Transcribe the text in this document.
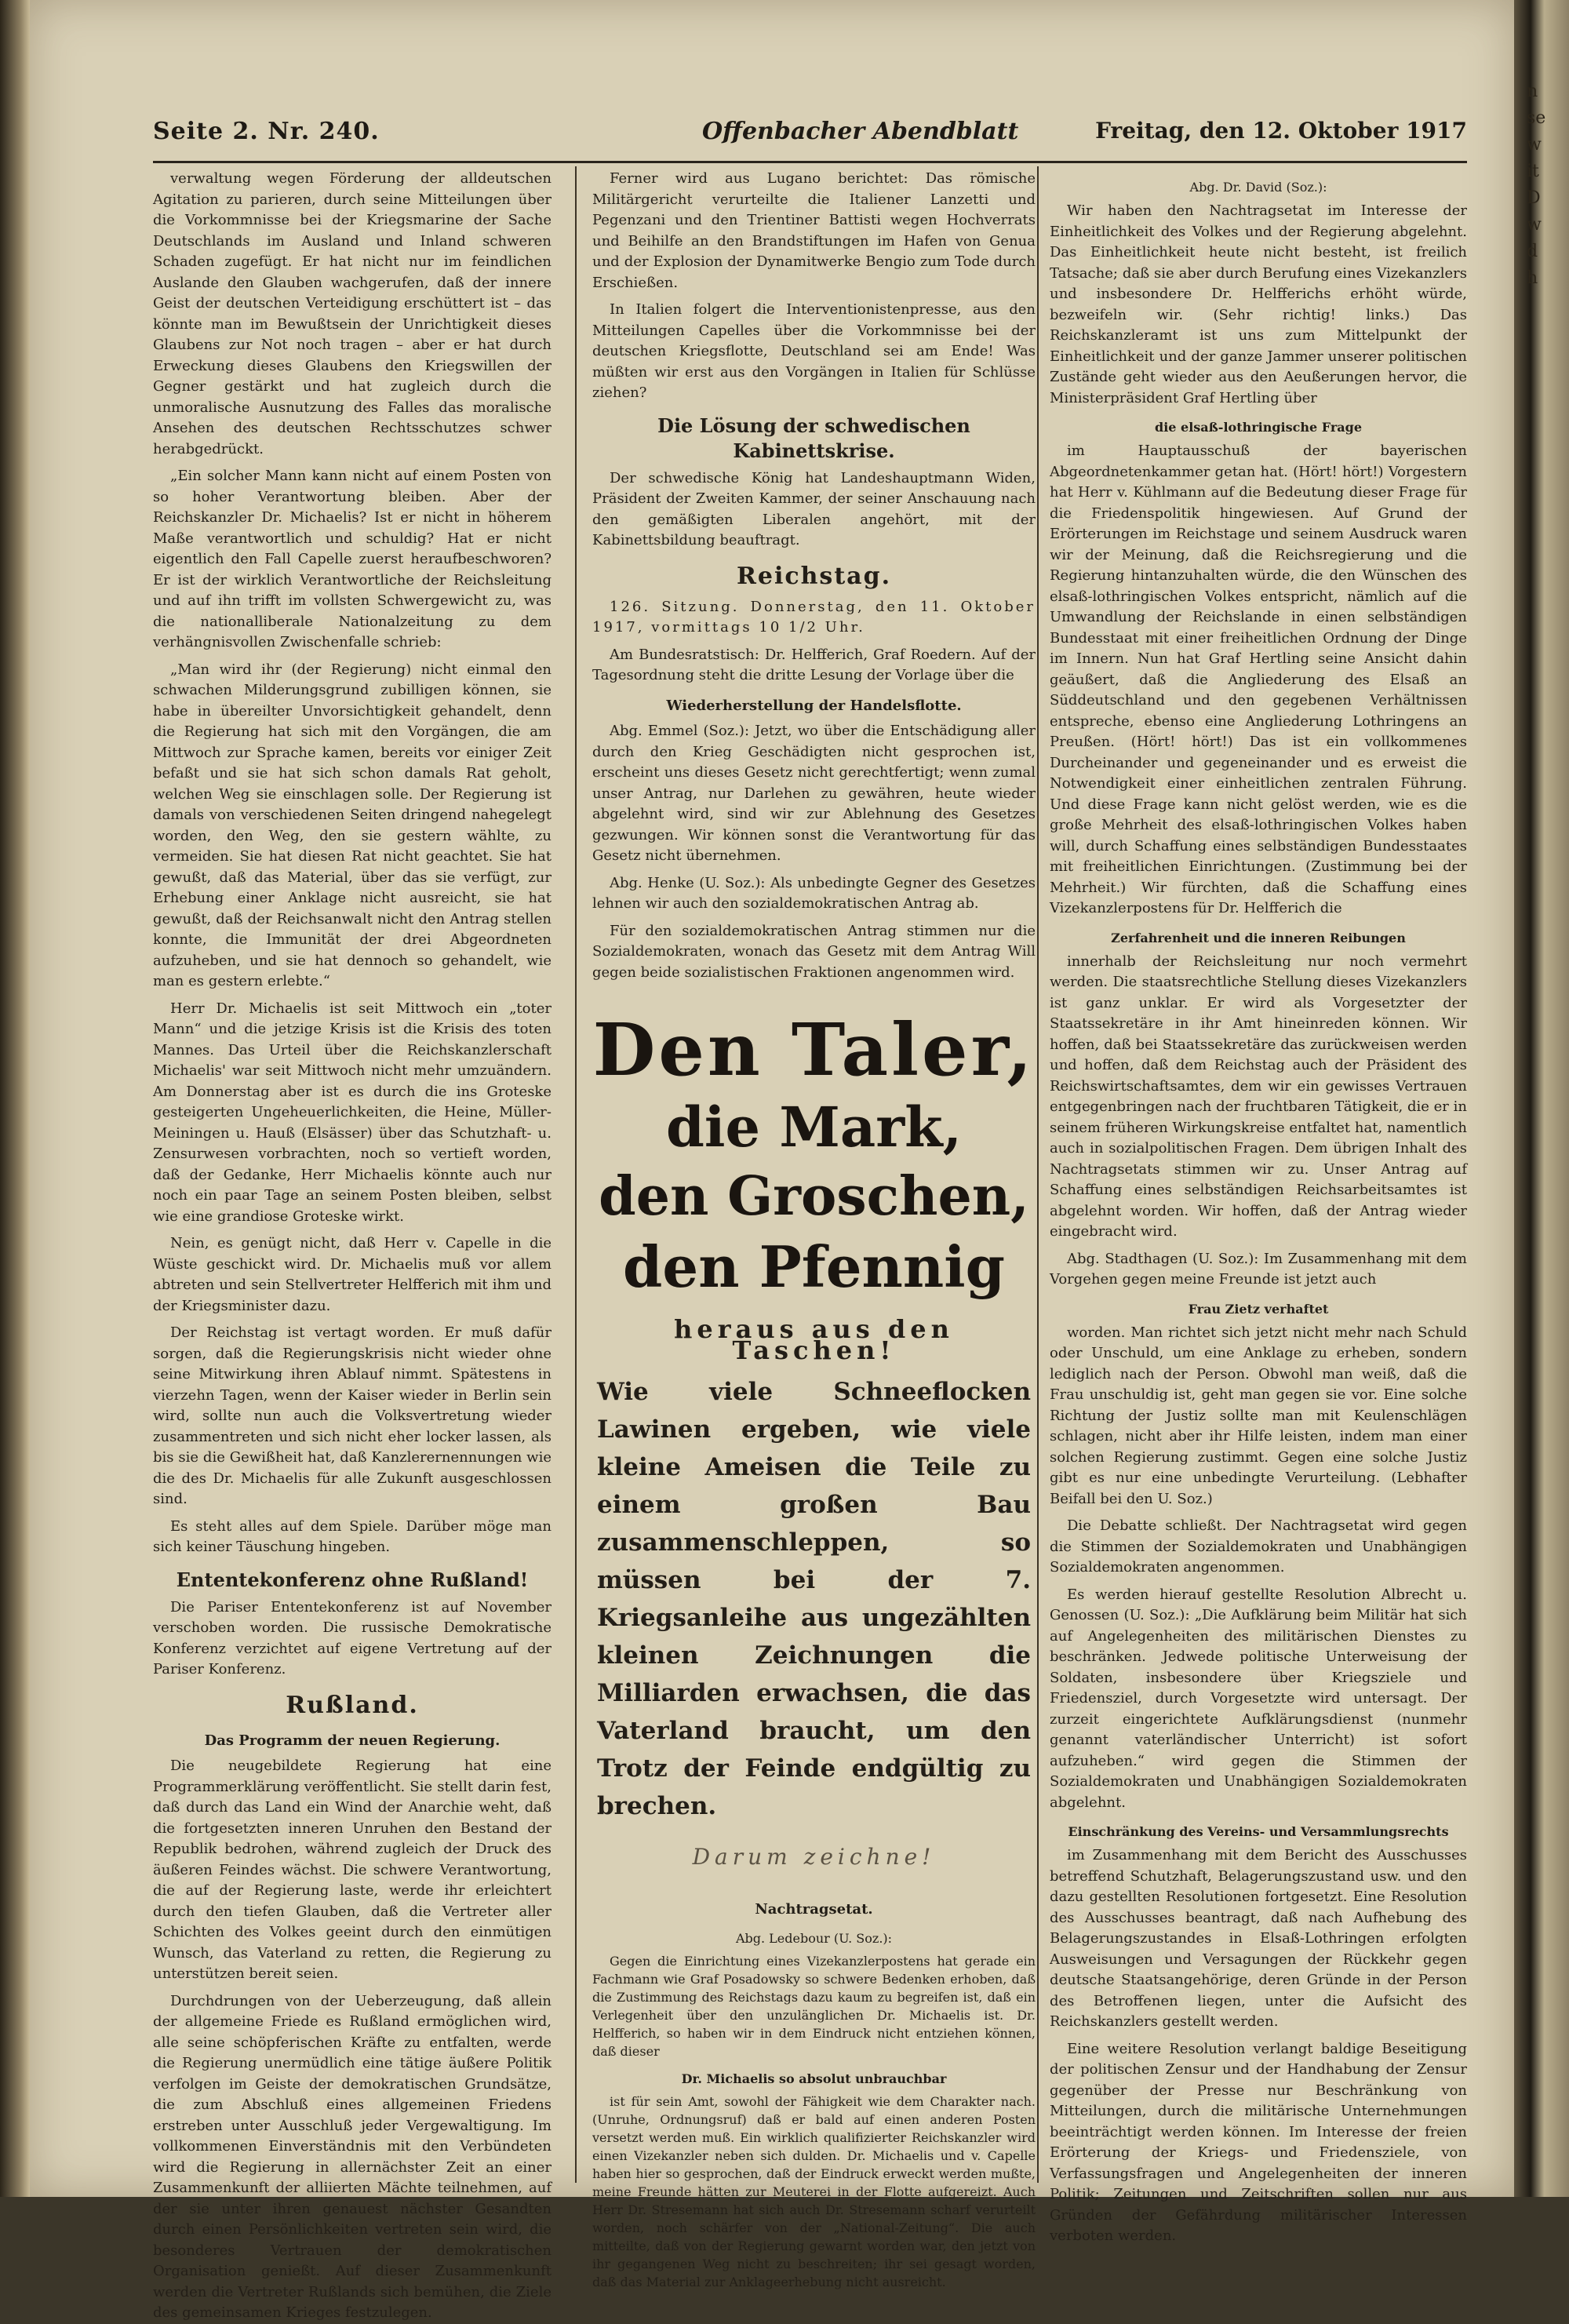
Seite 2. Nr. 240.	Offenbacher Abendblatt	Freitag, den 12. Oktober 1917

verwaltung wegen Förderung der alldeutschen Agitation zu parieren, durch seine Mitteilungen über die Vorkommnisse bei der Kriegsmarine der Sache Deutschlands im Ausland und Inland schweren Schaden zugefügt. Er hat nicht nur im feindlichen Auslande den Glauben wachgerufen, daß der innere Geist der deutschen Verteidigung erschüttert ist – das könnte man im Bewußtsein der Unrichtigkeit dieses Glaubens zur Not noch tragen – aber er hat durch Erweckung dieses Glaubens den Kriegswillen der Gegner gestärkt und hat zugleich durch die unmoralische Ausnutzung des Falles das moralische Ansehen des deutschen Rechtsschutzes schwer herabgedrückt.

„Ein solcher Mann kann nicht auf einem Posten von so hoher Verantwortung bleiben. Aber der Reichskanzler Dr. Michaelis? Ist er nicht in höherem Maße verantwortlich und schuldig? Hat er nicht eigentlich den Fall Capelle zuerst heraufbeschworen? Er ist der wirklich Verantwortliche der Reichsleitung und auf ihn trifft im vollsten Schwergewicht zu, was die nationalliberale Nationalzeitung zu dem verhängnisvollen Zwischenfalle schrieb:

„Man wird ihr (der Regierung) nicht einmal den schwachen Milderungsgrund zubilligen können, sie habe in übereilter Unvorsichtigkeit gehandelt, denn die Regierung hat sich mit den Vorgängen, die am Mittwoch zur Sprache kamen, bereits vor einiger Zeit befaßt und sie hat sich schon damals Rat geholt, welchen Weg sie einschlagen solle. Der Regierung ist damals von verschiedenen Seiten dringend nahegelegt worden, den Weg, den sie gestern wählte, zu vermeiden. Sie hat diesen Rat nicht geachtet. Sie hat gewußt, daß das Material, über das sie verfügt, zur Erhebung einer Anklage nicht ausreicht, sie hat gewußt, daß der Reichsanwalt nicht den Antrag stellen konnte, die Immunität der drei Abgeordneten aufzuheben, und sie hat dennoch so gehandelt, wie man es gestern erlebte.“

Herr Dr. Michaelis ist seit Mittwoch ein „toter Mann“ und die jetzige Krisis ist die Krisis des toten Mannes. Das Urteil über die Reichskanzlerschaft Michaelis' war seit Mittwoch nicht mehr umzuändern. Am Donnerstag aber ist es durch die ins Groteske gesteigerten Ungeheuerlichkeiten, die Heine, Müller-Meiningen u. Hauß (Elsässer) über das Schutzhaft- u. Zensurwesen vorbrachten, noch so vertieft worden, daß der Gedanke, Herr Michaelis könnte auch nur noch ein paar Tage an seinem Posten bleiben, selbst wie eine grandiose Groteske wirkt.

Nein, es genügt nicht, daß Herr v. Capelle in die Wüste geschickt wird. Dr. Michaelis muß vor allem abtreten und sein Stellvertreter Helfferich mit ihm und der Kriegsminister dazu.

Der Reichstag ist vertagt worden. Er muß dafür sorgen, daß die Regierungskrisis nicht wieder ohne seine Mitwirkung ihren Ablauf nimmt. Spätestens in vierzehn Tagen, wenn der Kaiser wieder in Berlin sein wird, sollte nun auch die Volksvertretung wieder zusammentreten und sich nicht eher locker lassen, als bis sie die Gewißheit hat, daß Kanzlerernennungen wie die des Dr. Michaelis für alle Zukunft ausgeschlossen sind.

Es steht alles auf dem Spiele. Darüber möge man sich keiner Täuschung hingeben.

Ententekonferenz ohne Rußland!

Die Pariser Ententekonferenz ist auf November verschoben worden. Die russische Demokratische Konferenz verzichtet auf eigene Vertretung auf der Pariser Konferenz.

Rußland.
Das Programm der neuen Regierung.

Die neugebildete Regierung hat eine Programmerklärung veröffentlicht. Sie stellt darin fest, daß durch das Land ein Wind der Anarchie weht, daß die fortgesetzten inneren Unruhen den Bestand der Republik bedrohen, während zugleich der Druck des äußeren Feindes wächst. Die schwere Verantwortung, die auf der Regierung laste, werde ihr erleichtert durch den tiefen Glauben, daß die Vertreter aller Schichten des Volkes geeint durch den einmütigen Wunsch, das Vaterland zu retten, die Regierung zu unterstützen bereit seien.

Durchdrungen von der Ueberzeugung, daß allein der allgemeine Friede es Rußland ermöglichen wird, alle seine schöpferischen Kräfte zu entfalten, werde die Regierung unermüdlich eine tätige äußere Politik verfolgen im Geiste der demokratischen Grundsätze, die zum Abschluß eines allgemeinen Friedens erstreben unter Ausschluß jeder Vergewaltigung. Im vollkommenen Einverständnis mit den Verbündeten wird die Regierung in allernächster Zeit an einer Zusammenkunft der alliierten Mächte teilnehmen, auf der sie unter ihren genauest nächster Gesandten durch einen Persönlichkeiten vertreten sein wird, die besonderes Vertrauen der demokratischen Organisation genießt. Auf dieser Zusammenkunft werden die Vertreter Rußlands sich bemühen, die Ziele des gemeinsamen Krieges festzulegen.

Ferner wird aus Lugano berichtet: Das römische Militärgericht verurteilte die Italiener Lanzetti und Pegenzani und den Trientiner Battisti wegen Hochverrats und Beihilfe an den Brandstiftungen im Hafen von Genua und der Explosion der Dynamitwerke Bengio zum Tode durch Erschießen.

In Italien folgert die Interventionistenpresse, aus den Mitteilungen Capelles über die Vorkommnisse bei der deutschen Kriegsflotte, Deutschland sei am Ende! Was müßten wir erst aus den Vorgängen in Italien für Schlüsse ziehen?

Die Lösung der schwedischen Kabinettskrise.

Der schwedische König hat Landeshauptmann Widen, Präsident der Zweiten Kammer, der seiner Anschauung nach den gemäßigten Liberalen angehört, mit der Kabinettsbildung beauftragt.

Reichstag.

126. Sitzung. Donnerstag, den 11. Oktober 1917, vormittags 10 1/2 Uhr.

Am Bundesratstisch: Dr. Helfferich, Graf Roedern. Auf der Tagesordnung steht die dritte Lesung der Vorlage über die

Wiederherstellung der Handelsflotte.

Abg. Emmel (Soz.): Jetzt, wo über die Entschädigung aller durch den Krieg Geschädigten nicht gesprochen ist, erscheint uns dieses Gesetz nicht gerechtfertigt; wenn zumal unser Antrag, nur Darlehen zu gewähren, heute wieder abgelehnt wird, sind wir zur Ablehnung des Gesetzes gezwungen. Wir können sonst die Verantwortung für das Gesetz nicht übernehmen.

Abg. Henke (U. Soz.): Als unbedingte Gegner des Gesetzes lehnen wir auch den sozialdemokratischen Antrag ab.

Für den sozialdemokratischen Antrag stimmen nur die Sozialdemokraten, wonach das Gesetz mit dem Antrag Will gegen beide sozialistischen Fraktionen angenommen wird.

Den Taler,
die Mark,
den Groschen,
den Pfennig
heraus aus den Taschen!
Wie viele Schneeflocken Lawinen ergeben, wie viele kleine Ameisen die Teile zu einem großen Bau zusammenschleppen, so müssen bei der 7. Kriegsanleihe aus ungezählten kleinen Zeichnungen die Milliarden erwachsen, die das Vaterland braucht, um den Trotz der Feinde endgültig zu brechen.
Darum zeichne!
Nachtragsetat.
Abg. Ledebour (U. Soz.):

Gegen die Einrichtung eines Vizekanzlerpostens hat gerade ein Fachmann wie Graf Posadowsky so schwere Bedenken erhoben, daß die Zustimmung des Reichstags dazu kaum zu begreifen ist, daß ein Verlegenheit über den unzulänglichen Dr. Michaelis ist. Dr. Helfferich, so haben wir in dem Eindruck nicht entziehen können, daß dieser

Dr. Michaelis so absolut unbrauchbar

ist für sein Amt, sowohl der Fähigkeit wie dem Charakter nach. (Unruhe, Ordnungsruf) daß er bald auf einen anderen Posten versetzt werden muß. Ein wirklich qualifizierter Reichskanzler wird einen Vizekanzler neben sich dulden. Dr. Michaelis und v. Capelle haben hier so gesprochen, daß der Eindruck erweckt werden mußte, meine Freunde hätten zur Meuterei in der Flotte aufgereizt. Auch Herr Dr. Stresemann hat sich auch Dr. Stresemann scharf verurteilt worden, noch schärfer von der „National-Zeitung“. Die auch mitteilte, daß von der Regierung gewarnt worden war, den jetzt von ihr gegangenen Weg nicht zu beschreiten; ihr sei gesagt worden, daß das Material zur Anklageerhebung nicht ausreicht.

Abg. Dr. David (Soz.):

Wir haben den Nachtragsetat im Interesse der Einheitlichkeit des Volkes und der Regierung abgelehnt. Das Einheitlichkeit heute nicht besteht, ist freilich Tatsache; daß sie aber durch Berufung eines Vizekanzlers und insbesondere Dr. Helfferichs erhöht würde, bezweifeln wir. (Sehr richtig! links.) Das Reichskanzleramt ist uns zum Mittelpunkt der Einheitlichkeit und der ganze Jammer unserer politischen Zustände geht wieder aus den Aeußerungen hervor, die Ministerpräsident Graf Hertling über

die elsaß-lothringische Frage

im Hauptausschuß der bayerischen Abgeordnetenkammer getan hat. (Hört! hört!) Vorgestern hat Herr v. Kühlmann auf die Bedeutung dieser Frage für die Friedenspolitik hingewiesen. Auf Grund der Erörterungen im Reichstage und seinem Ausdruck waren wir der Meinung, daß die Reichsregierung und die Regierung hintanzuhalten würde, die den Wünschen des elsaß-lothringischen Volkes entspricht, nämlich auf die Umwandlung der Reichslande in einen selbständigen Bundesstaat mit einer freiheitlichen Ordnung der Dinge im Innern. Nun hat Graf Hertling seine Ansicht dahin geäußert, daß die Angliederung des Elsaß an Süddeutschland und den gegebenen Verhältnissen entspreche, ebenso eine Angliederung Lothringens an Preußen. (Hört! hört!) Das ist ein vollkommenes Durcheinander und gegeneinander und es erweist die Notwendigkeit einer einheitlichen zentralen Führung. Und diese Frage kann nicht gelöst werden, wie es die große Mehrheit des elsaß-lothringischen Volkes haben will, durch Schaffung eines selbständigen Bundesstaates mit freiheitlichen Einrichtungen. (Zustimmung bei der Mehrheit.) Wir fürchten, daß die Schaffung eines Vizekanzlerpostens für Dr. Helfferich die

Zerfahrenheit und die inneren Reibungen

innerhalb der Reichsleitung nur noch vermehrt werden. Die staatsrechtliche Stellung dieses Vizekanzlers ist ganz unklar. Er wird als Vorgesetzter der Staatssekretäre in ihr Amt hineinreden können. Wir hoffen, daß bei Staatssekretäre das zurückweisen werden und hoffen, daß dem Reichstag auch der Präsident des Reichswirtschaftsamtes, dem wir ein gewisses Vertrauen entgegenbringen nach der fruchtbaren Tätigkeit, die er in seinem früheren Wirkungskreise entfaltet hat, namentlich auch in sozialpolitischen Fragen. Dem übrigen Inhalt des Nachtragsetats stimmen wir zu. Unser Antrag auf Schaffung eines selbständigen Reichsarbeitsamtes ist abgelehnt worden. Wir hoffen, daß der Antrag wieder eingebracht wird.

Abg. Stadthagen (U. Soz.): Im Zusammenhang mit dem Vorgehen gegen meine Freunde ist jetzt auch

Frau Zietz verhaftet

worden. Man richtet sich jetzt nicht mehr nach Schuld oder Unschuld, um eine Anklage zu erheben, sondern lediglich nach der Person. Obwohl man weiß, daß die Frau unschuldig ist, geht man gegen sie vor. Eine solche Richtung der Justiz sollte man mit Keulenschlägen schlagen, nicht aber ihr Hilfe leisten, indem man einer solchen Regierung zustimmt. Gegen eine solche Justiz gibt es nur eine unbedingte Verurteilung. (Lebhafter Beifall bei den U. Soz.)

Die Debatte schließt. Der Nachtragsetat wird gegen die Stimmen der Sozialdemokraten und Unabhängigen Sozialdemokraten angenommen.

Es werden hierauf gestellte Resolution Albrecht u. Genossen (U. Soz.): „Die Aufklärung beim Militär hat sich auf Angelegenheiten des militärischen Dienstes zu beschränken. Jedwede politische Unterweisung der Soldaten, insbesondere über Kriegsziele und Friedensziel, durch Vorgesetzte wird untersagt. Der zurzeit eingerichtete Aufklärungsdienst (nunmehr genannt vaterländischer Unterricht) ist sofort aufzuheben.“ wird gegen die Stimmen der Sozialdemokraten und Unabhängigen Sozialdemokraten abgelehnt.

Einschränkung des Vereins- und Versammlungsrechts

im Zusammenhang mit dem Bericht des Ausschusses betreffend Schutzhaft, Belagerungszustand usw. und den dazu gestellten Resolutionen fortgesetzt. Eine Resolution des Ausschusses beantragt, daß nach Aufhebung des Belagerungszustandes in Elsaß-Lothringen erfolgten Ausweisungen und Versagungen der Rückkehr gegen deutsche Staatsangehörige, deren Gründe in der Person des Betroffenen liegen, unter die Aufsicht des Reichskanzlers gestellt werden.

Eine weitere Resolution verlangt baldige Beseitigung der politischen Zensur und der Handhabung der Zensur gegenüber der Presse nur Beschränkung von Mitteilungen, durch die militärische Unternehmungen beeinträchtigt werden können. Im Interesse der freien Erörterung der Kriegs- und Friedensziele, von Verfassungsfragen und Angelegenheiten der inneren Politik; Zeitungen und Zeitschriften sollen nur aus Gründen der Gefährdung militärischer Interessen verboten werden.

n
se
w
it
D
w
d
h
